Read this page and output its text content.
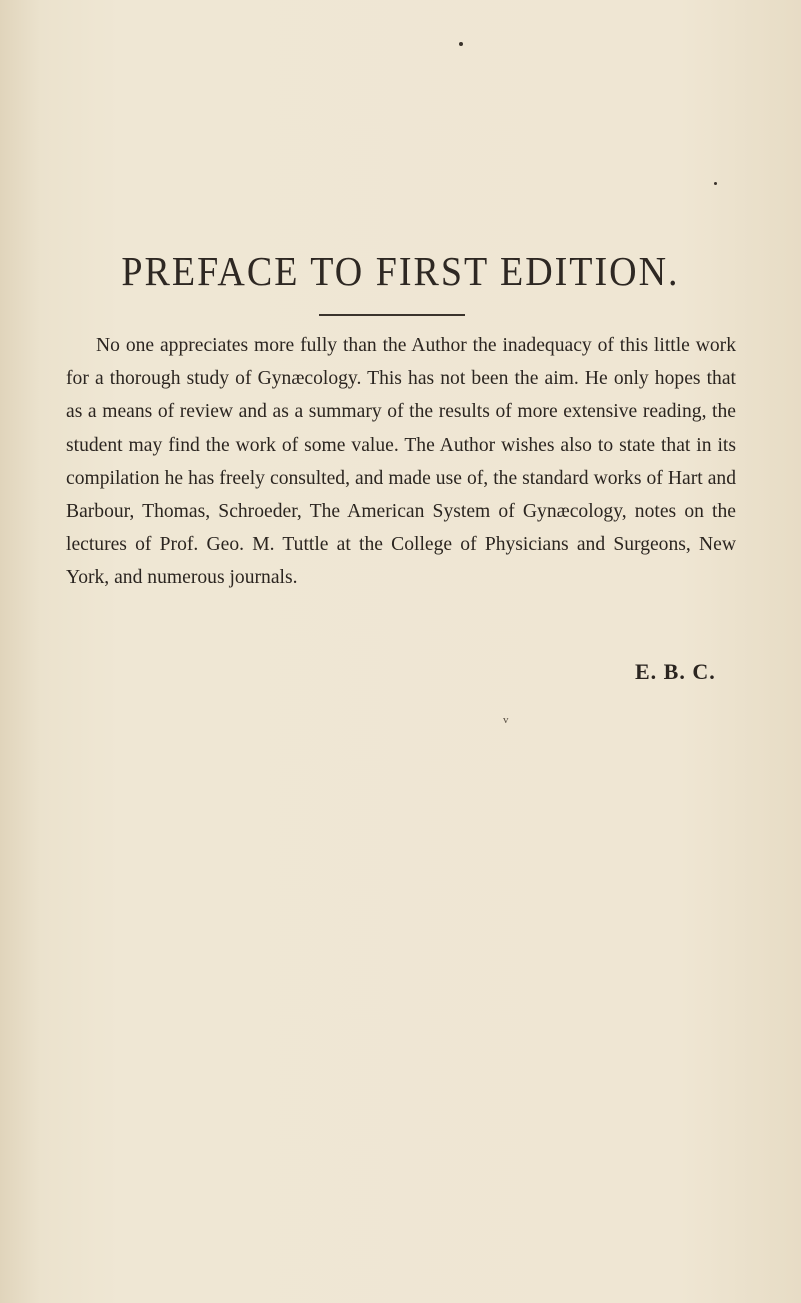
PREFACE TO FIRST EDITION.

No one appreciates more fully than the Author the inadequacy of this little work for a thorough study of Gynæcology. This has not been the aim. He only hopes that as a means of review and as a summary of the results of more extensive reading, the student may find the work of some value. The Author wishes also to state that in its compilation he has freely consulted, and made use of, the standard works of Hart and Barbour, Thomas, Schroeder, The American System of Gynæcology, notes on the lectures of Prof. Geo. M. Tuttle at the College of Physicians and Surgeons, New York, and numerous journals.

E. B. C.

v
